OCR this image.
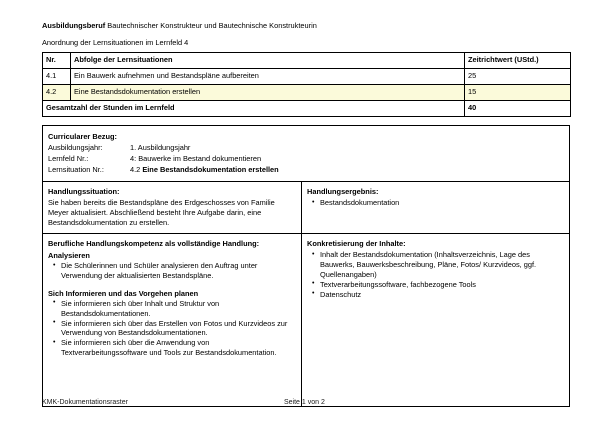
Ausbildungsberuf Bautechnischer Konstrukteur und Bautechnische Konstrukteurin
Anordnung der Lernsituationen im Lernfeld 4
Nr.	Abfolge der Lernsituationen	Zeitrichtwert (UStd.)
4.1	Ein Bauwerk aufnehmen und Bestandspläne aufbereiten	25
4.2	Eine Bestandsdokumentation erstellen	15
Gesamtzahl der Stunden im Lernfeld		40
Curricularer Bezug:
Ausbildungsjahr:	1. Ausbildungsjahr
Lernfeld Nr.:	4: Bauwerke im Bestand dokumentieren
Lernsituation Nr.:	4.2 Eine Bestandsdokumentation erstellen
Handlungssituation:
Sie haben bereits die Bestandspläne des Erdgeschosses von Familie Meyer aktualisiert. Abschließend besteht Ihre Aufgabe darin, eine Bestandsdokumentation zu erstellen.
Handlungsergebnis:
• Bestandsdokumentation
Berufliche Handlungskompetenz als vollständige Handlung:
Analysieren
• Die Schülerinnen und Schüler analysieren den Auftrag unter Verwendung der aktualisierten Bestandspläne.
Sich Informieren und das Vorgehen planen
• Sie informieren sich über Inhalt und Struktur von Bestandsdokumentationen.
• Sie informieren sich über das Erstellen von Fotos und Kurzvideos zur Verwendung von Bestandsdokumentationen.
• Sie informieren sich über die Anwendung von Textverarbeitungssoftware und Tools zur Bestandsdokumentation.
Konkretisierung der Inhalte:
• Inhalt der Bestandsdokumentation (Inhaltsverzeichnis, Lage des Bauwerks, Bauwerksbeschreibung, Pläne, Fotos/ Kurzvideos, ggf. Quellenangaben)
• Textverarbeitungssoftware, fachbezogene Tools
• Datenschutz
KMK-Dokumentationsraster	Seite 1 von 2
